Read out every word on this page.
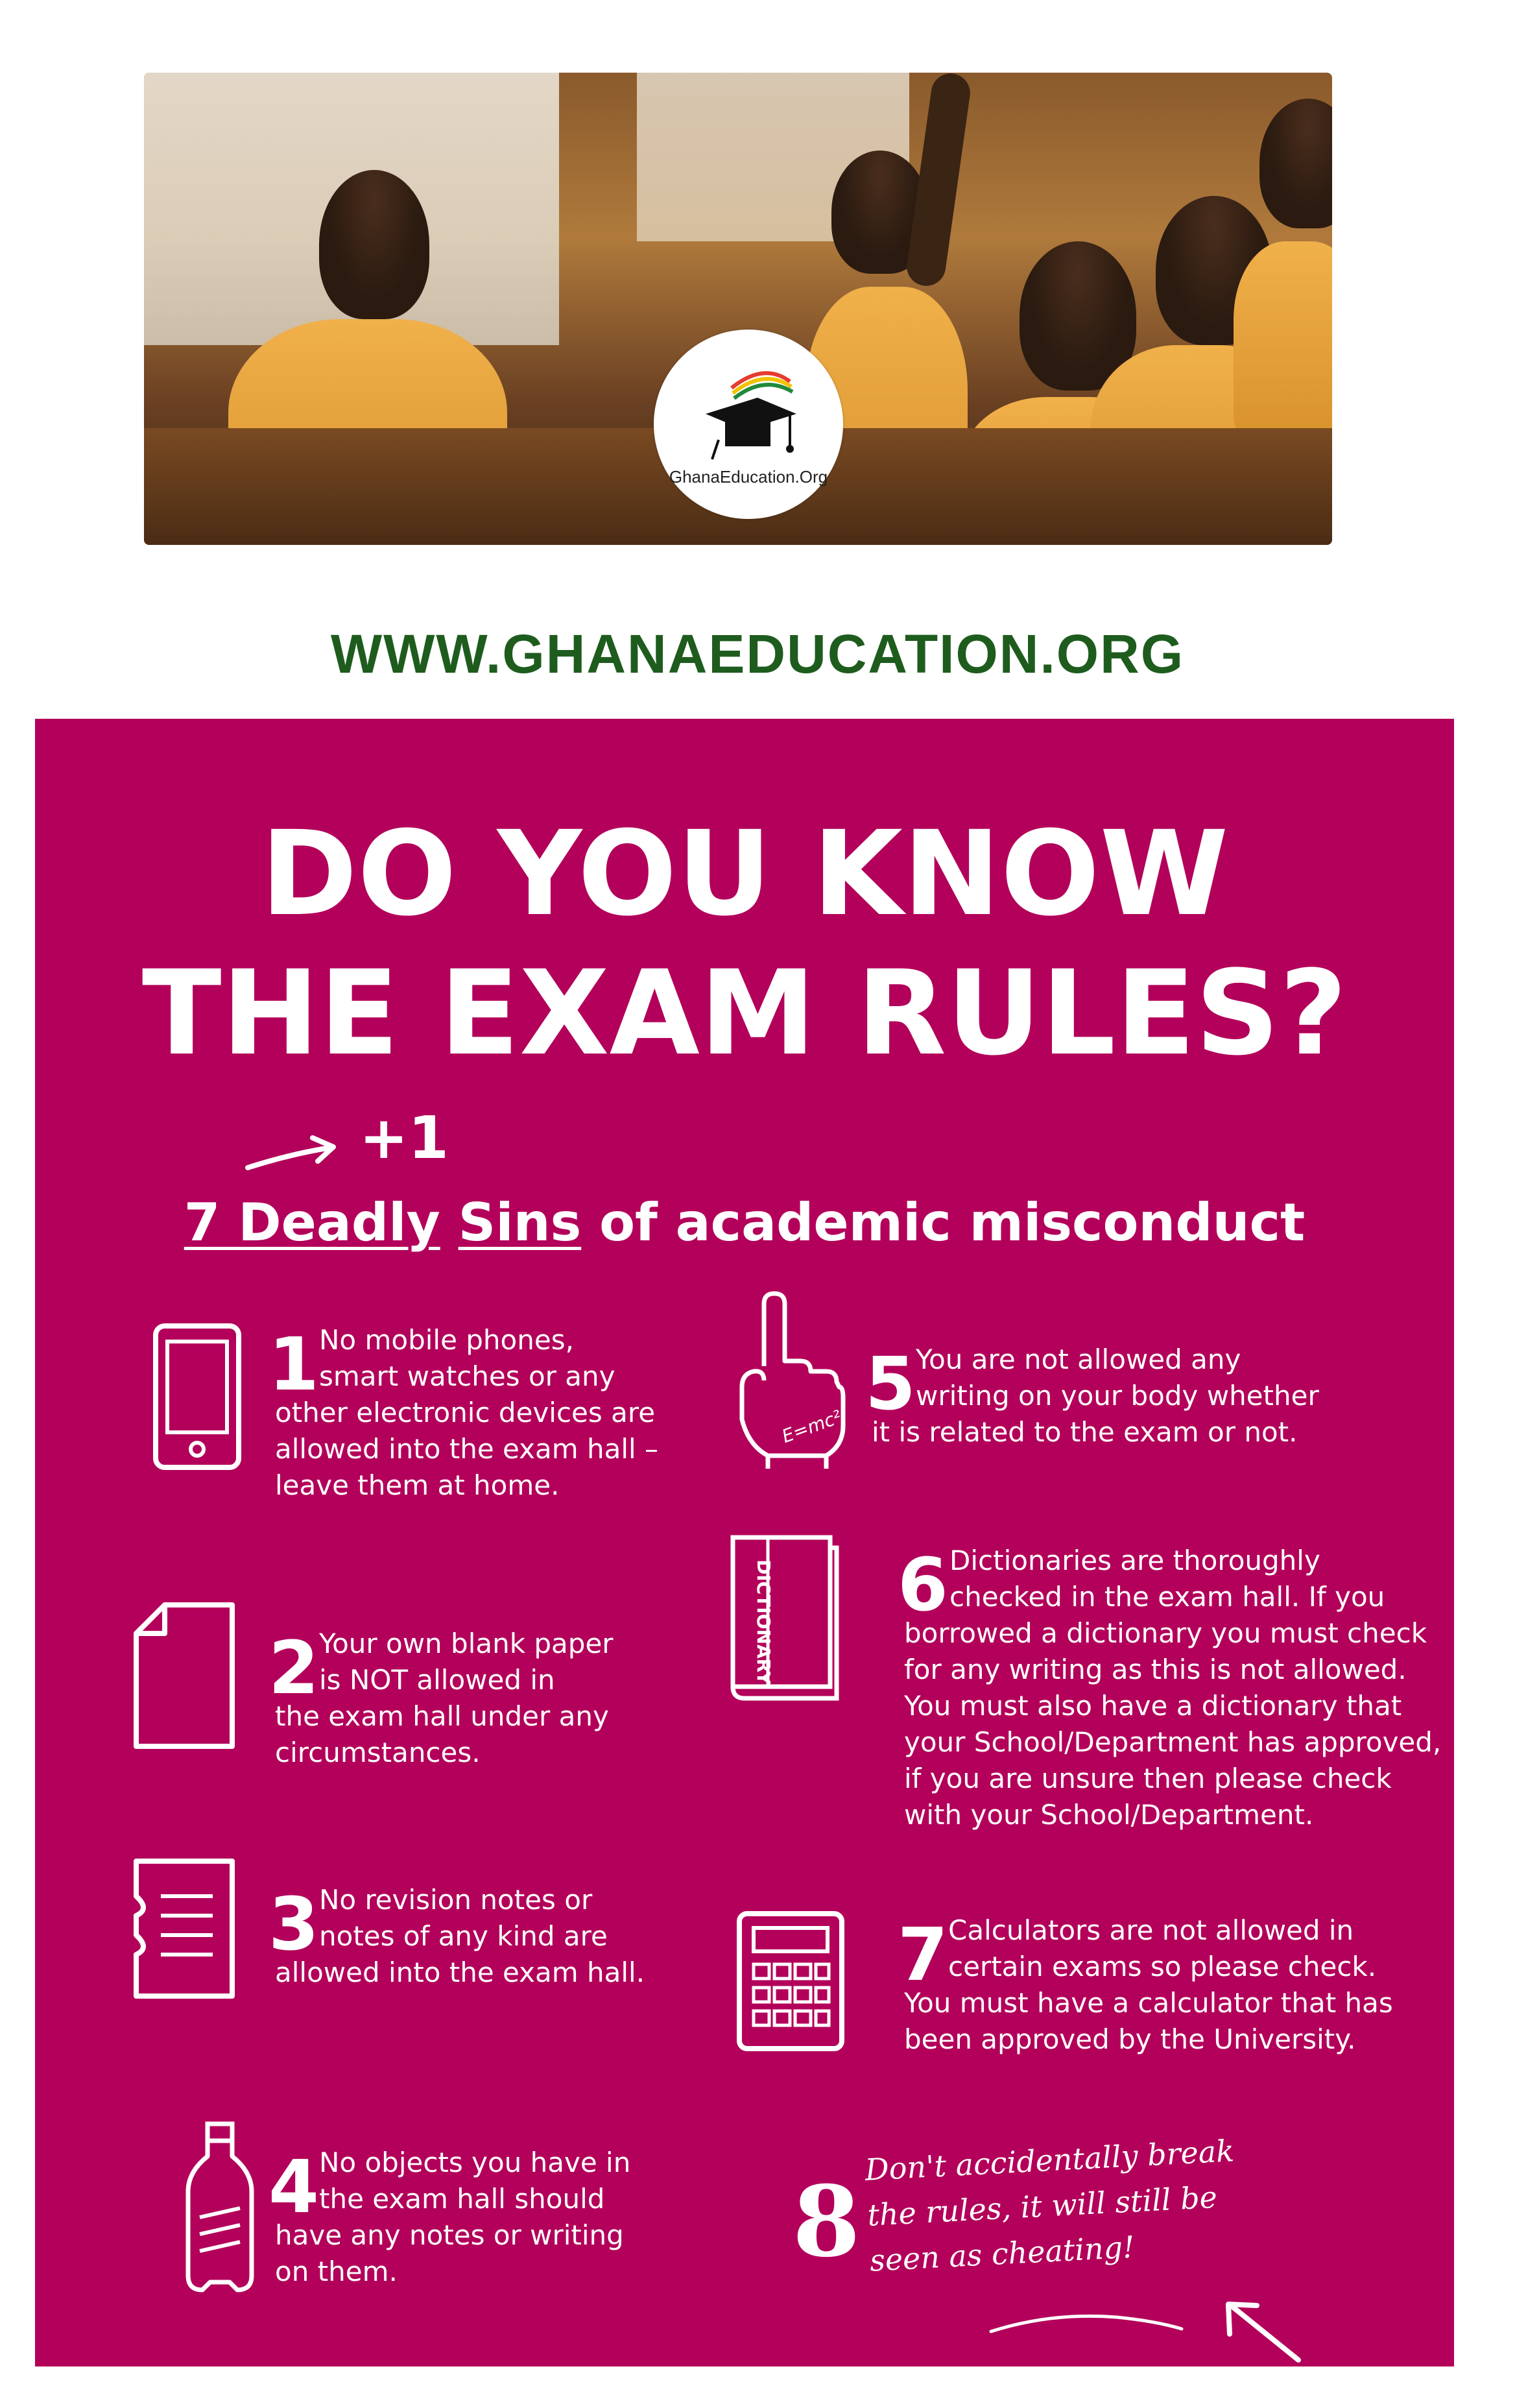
GhanaEducation.Org
WWW.GHANAEDUCATION.ORG
DO YOU KNOW
THE EXAM RULES?
+1
7 Deadly Sins of academic misconduct
1 No mobile phones,
smart watches or any
other electronic devices are
allowed into the exam hall –
leave them at home.
2 Your own blank paper
is NOT allowed in
the exam hall under any
circumstances.
3 No revision notes or
notes of any kind are
allowed into the exam hall.
4 No objects you have in
the exam hall should
have any notes or writing
on them.
E=mc²
5 You are not allowed any
writing on your body whether
it is related to the exam or not.
DICTIONARY 6 Dictionaries are thoroughly
checked in the exam hall. If you
borrowed a dictionary you must check
for any writing as this is not allowed.
You must also have a dictionary that
your School/Department has approved,
if you are unsure then please check
with your School/Department.
7 Calculators are not allowed in
certain exams so please check.
You must have a calculator that has
been approved by the University.
8
Don't accidentally break
the rules, it will still be
seen as cheating!
